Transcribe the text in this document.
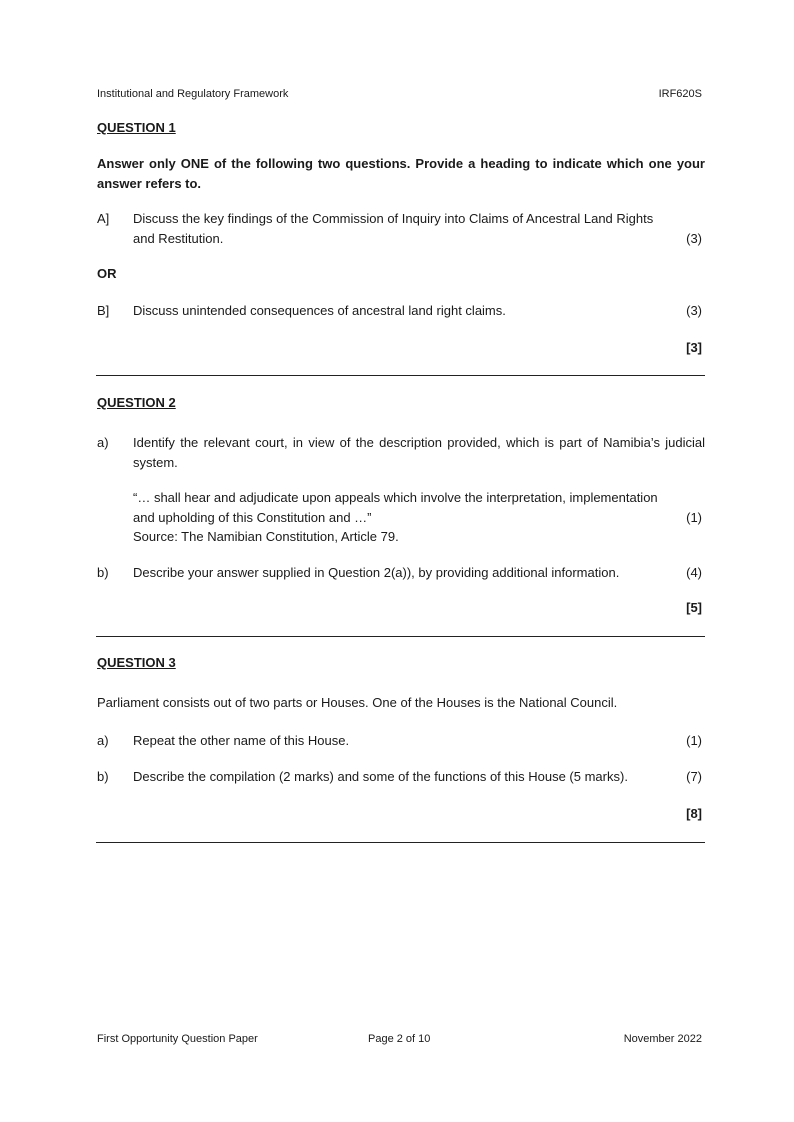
Institutional and Regulatory Framework	IRF620S
QUESTION 1
Answer only ONE of the following two questions. Provide a heading to indicate which one your answer refers to.
A] Discuss the key findings of the Commission of Inquiry into Claims of Ancestral Land Rights
and Restitution.	(3)
OR
B] Discuss unintended consequences of ancestral land right claims.	(3)
[3]
QUESTION 2
a) Identify the relevant court, in view of the description provided, which is part of Namibia’s judicial system.
“… shall hear and adjudicate upon appeals which involve the interpretation, implementation
and upholding of this Constitution and …”	(1)
Source: The Namibian Constitution, Article 79.
b) Describe your answer supplied in Question 2(a)), by providing additional information.	(4)
[5]
QUESTION 3
Parliament consists out of two parts or Houses. One of the Houses is the National Council.
a) Repeat the other name of this House.	(1)
b) Describe the compilation (2 marks) and some of the functions of this House (5 marks).	(7)
[8]
First Opportunity Question Paper	Page 2 of 10	November 2022
